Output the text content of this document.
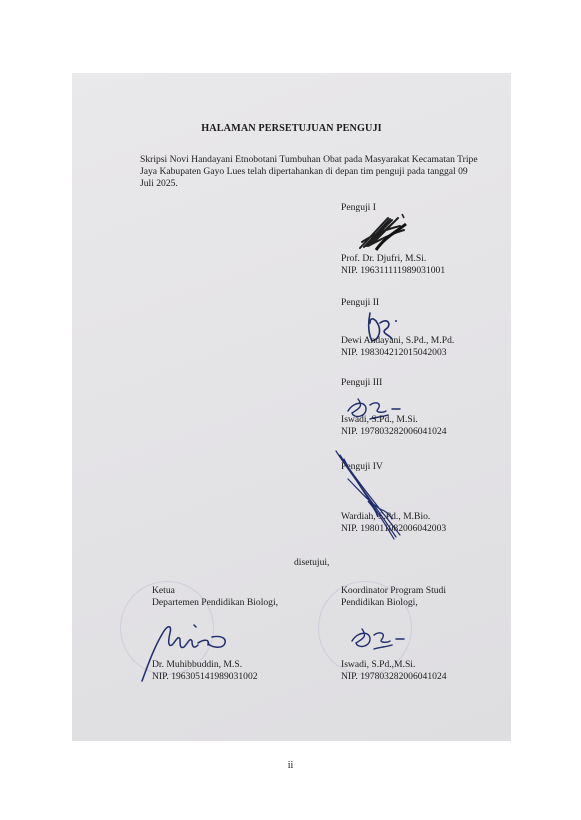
HALAMAN PERSETUJUAN PENGUJI
Skripsi Novi Handayani Etnobotani Tumbuhan Obat pada Masyarakat Kecamatan Tripe Jaya Kabupaten Gayo Lues telah dipertahankan di depan tim penguji pada tanggal 09 Juli 2025.
Penguji I
Prof. Dr. Djufri, M.Si.
NIP. 196311111989031001
Penguji II
Dewi Andayani, S.Pd., M.Pd.
NIP. 198304212015042003
Penguji III
Iswadi, S.Pd., M.Si.
NIP. 197803282006041024
Penguji IV
Wardiah, S.Pd., M.Bio.
NIP. 198011082006042003
disetujui,
Ketua
Departemen Pendidikan Biologi,
Dr. Muhibbuddin, M.S.
NIP. 196305141989031002
Koordinator Program Studi
Pendidikan Biologi,
Iswadi, S.Pd.,M.Si.
NIP. 197803282006041024
ii
